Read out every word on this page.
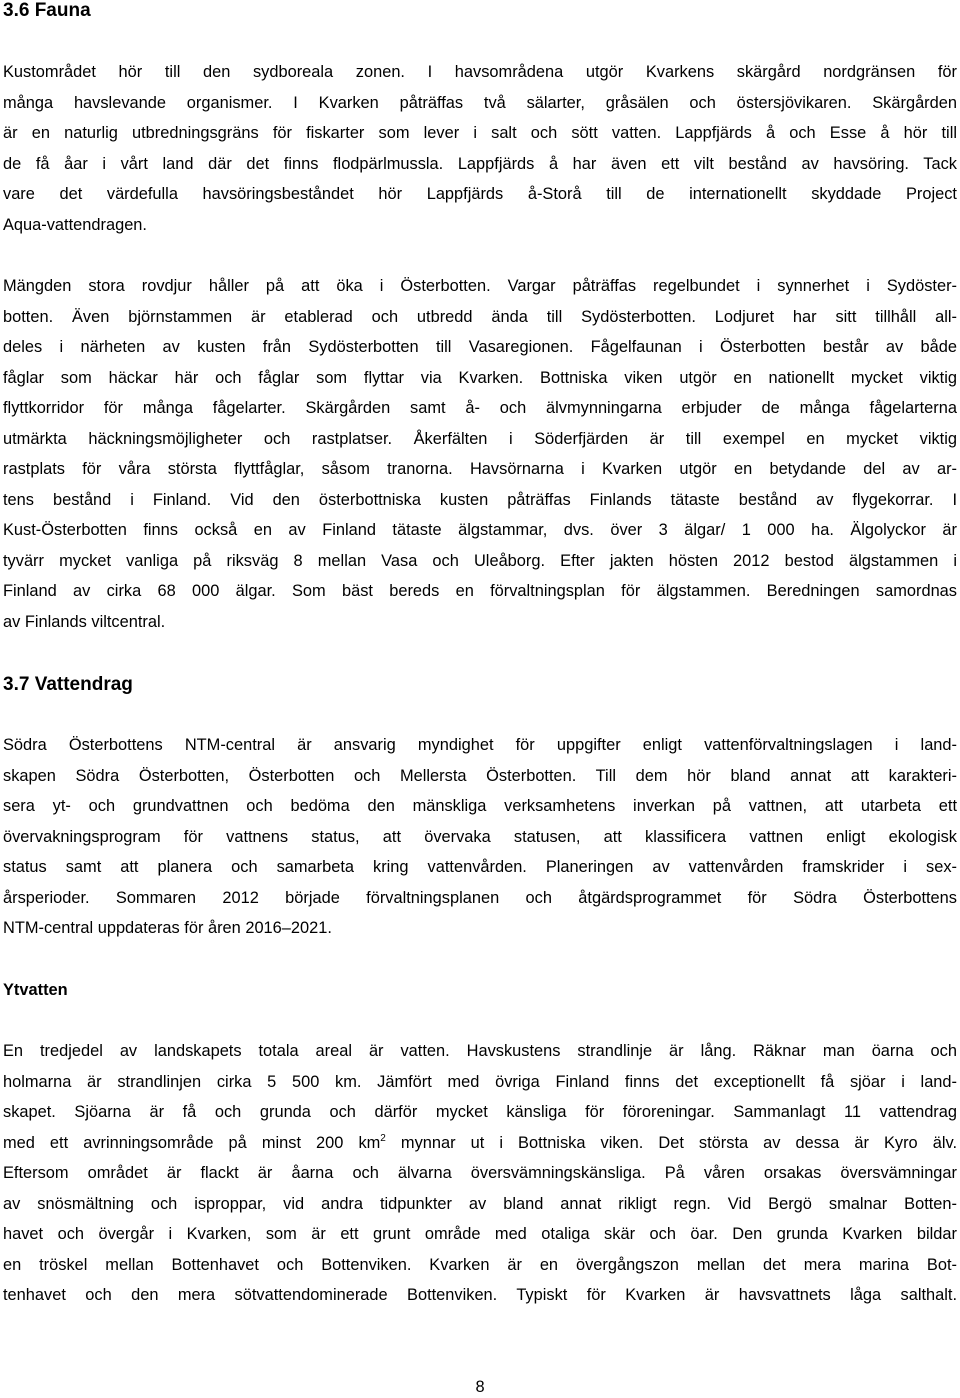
3.6 Fauna
Kustområdet hör till den sydboreala zonen. I havsområdena utgör Kvarkens skärgård nordgränsen för
många havslevande organismer. I Kvarken påträffas två sälarter, gråsälen och östersjövikaren. Skärgården
är en naturlig utbredningsgräns för fiskarter som lever i salt och sött vatten. Lappfjärds å och Esse å hör till
de få åar i vårt land där det finns flodpärlmussla. Lappfjärds å har även ett vilt bestånd av havsöring. Tack
vare det värdefulla havsöringsbeståndet hör Lappfjärds å-Storå till de internationellt skyddade Project
Aqua-vattendragen.
Mängden stora rovdjur håller på att öka i Österbotten. Vargar påträffas regelbundet i synnerhet i Sydöster-
botten. Även björnstammen är etablerad och utbredd ända till Sydösterbotten. Lodjuret har sitt tillhåll all-
deles i närheten av kusten från Sydösterbotten till Vasaregionen. Fågelfaunan i Österbotten består av både
fåglar som häckar här och fåglar som flyttar via Kvarken. Bottniska viken utgör en nationellt mycket viktig
flyttkorridor för många fågelarter. Skärgården samt å- och älvmynningarna erbjuder de många fågelarterna
utmärkta häckningsmöjligheter och rastplatser. Åkerfälten i Söderfjärden är till exempel en mycket viktig
rastplats för våra största flyttfåglar, såsom tranorna. Havsörnarna i Kvarken utgör en betydande del av ar-
tens bestånd i Finland. Vid den österbottniska kusten påträffas Finlands tätaste bestånd av flygekorrar. I
Kust-Österbotten finns också en av Finland tätaste älgstammar, dvs. över 3 älgar/ 1 000 ha. Älgolyckor är
tyvärr mycket vanliga på riksväg 8 mellan Vasa och Uleåborg. Efter jakten hösten 2012 bestod älgstammen i
Finland av cirka 68 000 älgar. Som bäst bereds en förvaltningsplan för älgstammen. Beredningen samordnas
av Finlands viltcentral.
3.7 Vattendrag
Södra Österbottens NTM-central är ansvarig myndighet för uppgifter enligt vattenförvaltningslagen i land-
skapen Södra Österbotten, Österbotten och Mellersta Österbotten. Till dem hör bland annat att karakteri-
sera yt- och grundvattnen och bedöma den mänskliga verksamhetens inverkan på vattnen, att utarbeta ett
övervakningsprogram för vattnens status, att övervaka statusen, att klassificera vattnen enligt ekologisk
status samt att planera och samarbeta kring vattenvården. Planeringen av vattenvården framskrider i sex-
årsperioder. Sommaren 2012 började förvaltningsplanen och åtgärdsprogrammet för Södra Österbottens
NTM-central uppdateras för åren 2016–2021.
Ytvatten
En tredjedel av landskapets totala areal är vatten. Havskustens strandlinje är lång. Räknar man öarna och
holmarna är strandlinjen cirka 5 500 km. Jämfört med övriga Finland finns det exceptionellt få sjöar i land-
skapet. Sjöarna är få och grunda och därför mycket känsliga för föroreningar. Sammanlagt 11 vattendrag
med ett avrinningsområde på minst 200 $km^2$ mynnar ut i Bottniska viken. Det största av dessa är Kyro älv.
Eftersom området är flackt är åarna och älvarna översvämningskänsliga. På våren orsakas översvämningar
av snösmältning och isproppar, vid andra tidpunkter av bland annat rikligt regn. Vid Bergö smalnar Botten-
havet och övergår i Kvarken, som är ett grunt område med otaliga skär och öar. Den grunda Kvarken bildar
en tröskel mellan Bottenhavet och Bottenviken. Kvarken är en övergångszon mellan det mera marina Bot-
tenhavet och den mera sötvattendominerade Bottenviken. Typiskt för Kvarken är havsvattnets låga salthalt.
8
